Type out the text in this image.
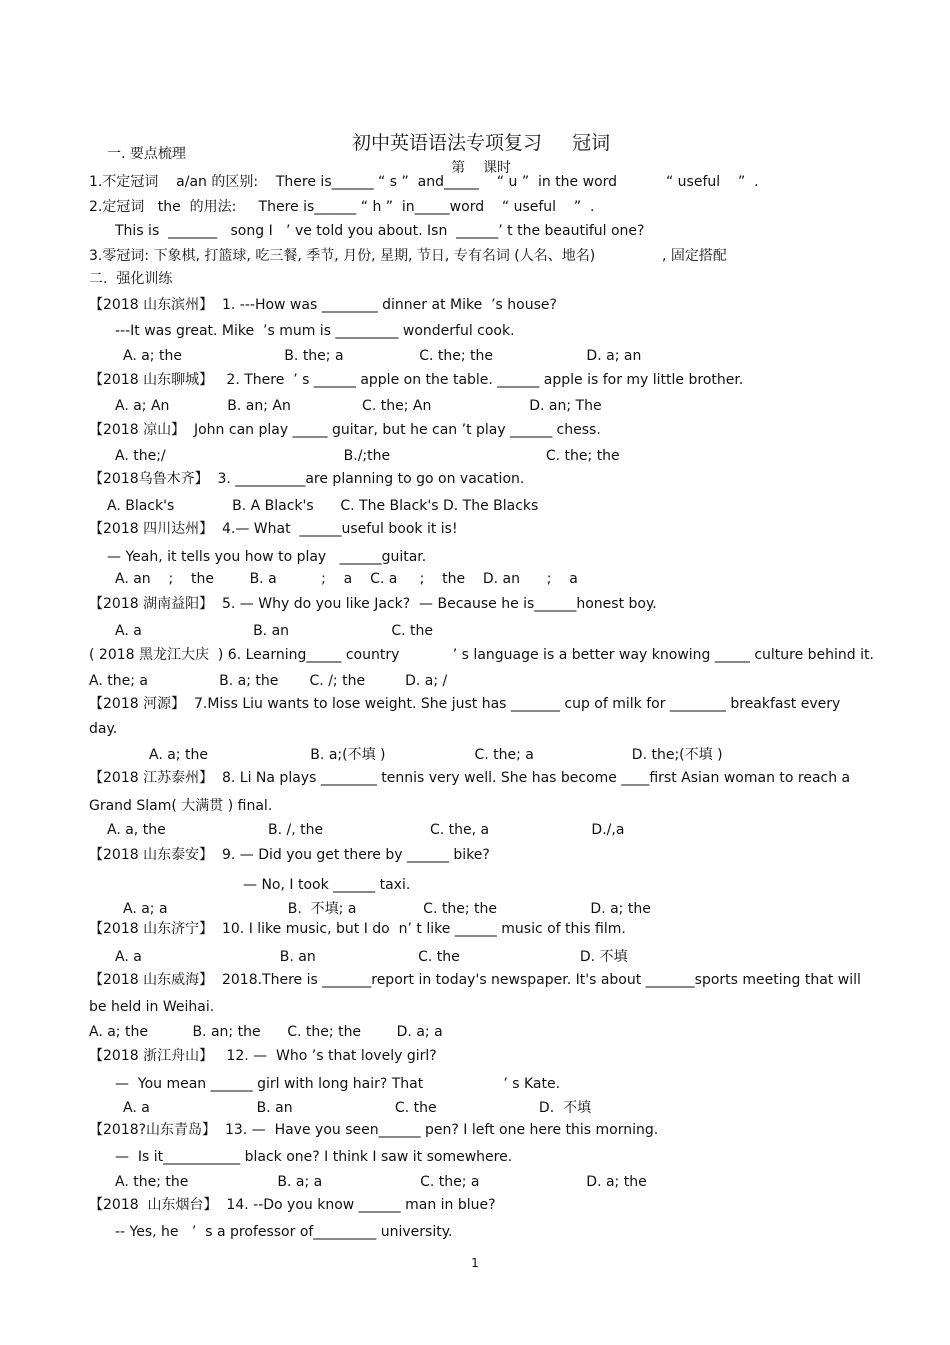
初中英语语法专项复习     冠词
第    课时

一. 要点梳理
1.不定冠词    a/an 的区别:    There is______ “ s ”  and_____    “ u ”  in the word           “ useful    ”  .
2.定冠词   the  的用法:     There is______ “ h ”  in_____word    “ useful    ”  .
This is  _______   song I   ’ ve told you about. Isn  ______’ t the beautiful one?
3.零冠词: 下象棋, 打篮球, 吃三餐, 季节, 月份, 星期, 节日, 专有名词 (人名、地名)               , 固定搭配
二.  强化训练
【2018 山东滨州】  1. ---How was ________ dinner at Mike  ’s house?
---It was great. Mike  ’s mum is _________ wonderful cook.
A. a; the                       B. the; a                 C. the; the                     D. a; an
【2018 山东聊城】   2. There  ’ s ______ apple on the table. ______ apple is for my little brother.
A. a; An             B. an; An                C. the; An                      D. an; The
【2018 凉山】  John can play _____ guitar, but he can ’t play ______ chess.
A. the;/                                        B./;the                                   C. the; the
【2018乌鲁木齐】  3. __________are planning to go on vacation.
A. Black's             B. A Black's      C. The Black's D. The Blacks
【2018 四川达州】  4.— What  ______useful book it is!
— Yeah, it tells you how to play   ______guitar.
A. an    ;    the        B. a          ;    a    C. a     ;    the    D. an      ;    a
【2018 湖南益阳】  5. — Why do you like Jack?  — Because he is______honest boy.
A. a                         B. an                       C. the
( 2018 黑龙江大庆  ) 6. Learning_____ country            ’ s language is a better way knowing _____ culture behind it.
A. the; a                B. a; the       C. /; the         D. a; /
【2018 河源】  7.Miss Liu wants to lose weight. She just has _______ cup of milk for ________ breakfast every
day.
A. a; the                       B. a;(不填 )                    C. the; a                      D. the;(不填 )
【2018 江苏泰州】  8. Li Na plays ________ tennis very well. She has become ____first Asian woman to reach a
Grand Slam( 大满贯 ) final.
A. a, the                       B. /, the                        C. the, a                       D./,a
【2018 山东泰安】  9. — Did you get there by ______ bike?
— No, I took ______ taxi.
A. a; a                           B.  不填; a               C. the; the                     D. a; the
【2018 山东济宁】  10. I like music, but I do  n’ t like ______ music of this film.
A. a                               B. an                       C. the                           D. 不填
【2018 山东威海】  2018.There is _______report in today's newspaper. It's about _______sports meeting that will
be held in Weihai.
A. a; the          B. an; the      C. the; the        D. a; a
【2018 浙江舟山】   12. —  Who ’s that lovely girl?
—  You mean ______ girl with long hair? That                  ’ s Kate.
A. a                        B. an                       C. the                       D.  不填
【2018?山东青岛】  13. —  Have you seen______ pen? I left one here this morning.
—  Is it___________ black one? I think I saw it somewhere.
A. the; the                    B. a; a                      C. the; a                        D. a; the
【2018  山东烟台】  14. --Do you know ______ man in blue?
-- Yes, he   ’  s a professor of_________ university.
1
